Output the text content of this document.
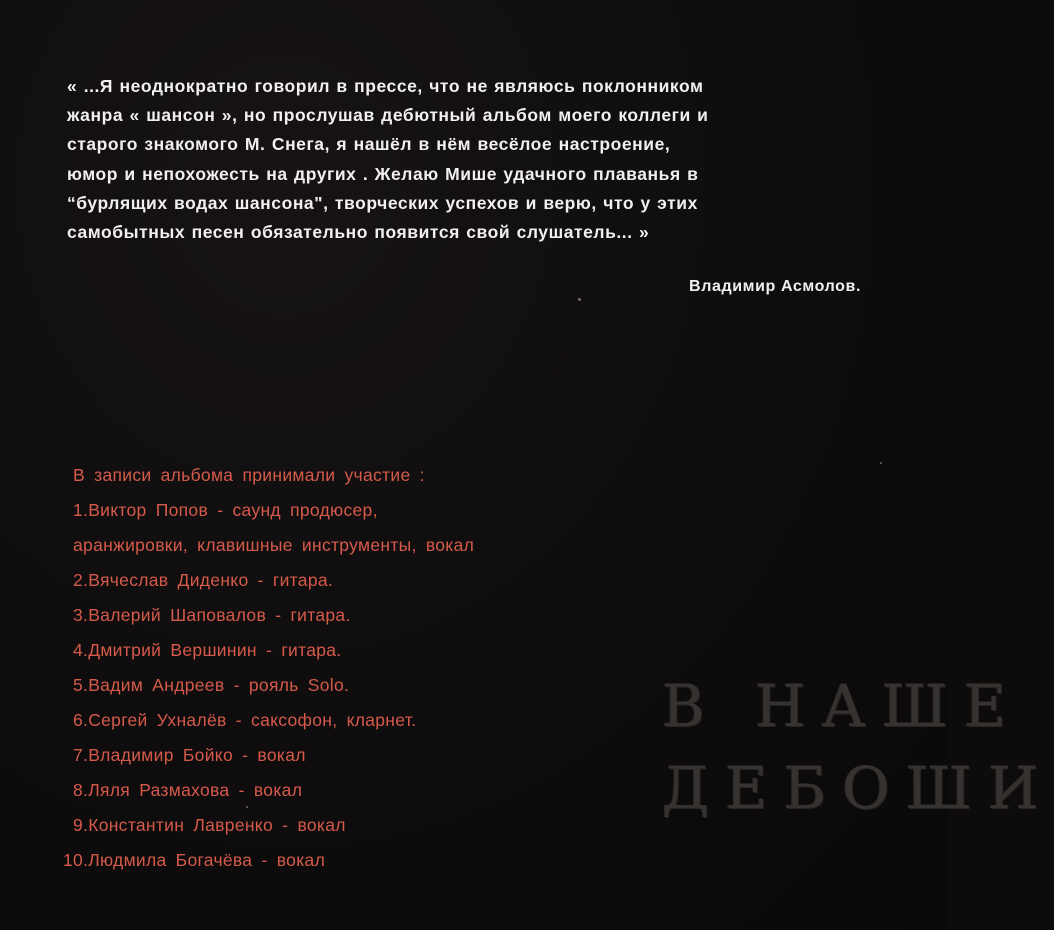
« ...Я неоднократно говорил в прессе, что не являюсь поклонником
жанра « шансон », но прослушав дебютный альбом моего коллеги и
старого знакомого М. Снега, я нашёл в нём весёлое настроение,
юмор и непохожесть на других . Желаю Мише удачного плаванья в
“бурлящих водах шансона", творческих успехов и верю, что у этих
самобытных песен обязательно появится свой слушатель... »
Владимир Асмолов.
В записи альбома принимали участие :
1.Виктор Попов - саунд продюсер,
аранжировки, клавишные инструменты, вокал
2.Вячеслав Диденко - гитара.
3.Валерий Шаповалов - гитара.
4.Дмитрий Вершинин - гитара.
5.Вадим Андреев - рояль Solo.
6.Сергей Ухналёв - саксофон, кларнет.
7.Владимир Бойко - вокал
8.Ляля Размахова - вокал
9.Константин Лавренко - вокал
10.Людмила Богачёва - вокал
В НАШЕ
ДЕБОШИ
